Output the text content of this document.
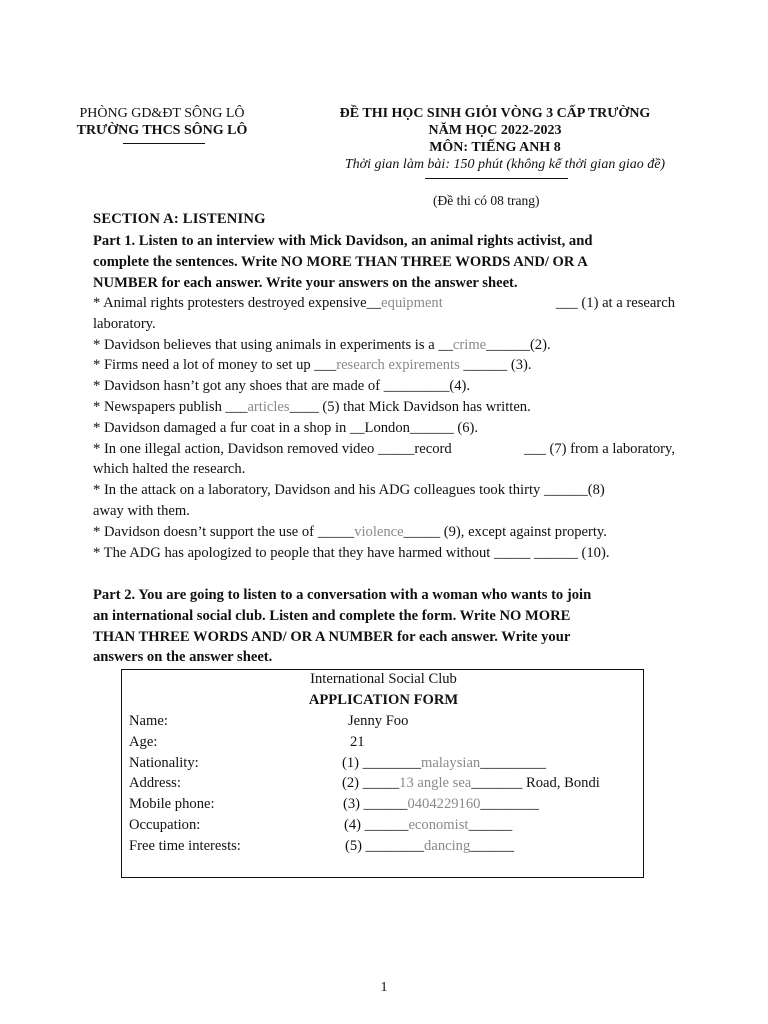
PHÒNG GD&ĐT SÔNG LÔ
TRƯỜNG THCS SÔNG LÔ
ĐỀ THI HỌC SINH GIỎI VÒNG 3 CẤP TRƯỜNG
NĂM HỌC 2022-2023
MÔN: TIẾNG ANH 8
Thời gian làm bài: 150 phút (không kể thời gian giao đề)
(Đề thi có 08 trang)
SECTION A: LISTENING
Part 1. Listen to an interview with Mick Davidson, an animal rights activist, and
complete the sentences. Write NO MORE THAN THREE WORDS AND/ OR A
NUMBER for each answer. Write your answers on the answer sheet.
* Animal rights protesters destroyed expensive__equipment	___ (1) at a research
laboratory.
* Davidson believes that using animals in experiments is a __crime______(2).
* Firms need a lot of money to set up ___research expirements ______ (3).
* Davidson hasn’t got any shoes that are made of _________(4).
* Newspapers publish ___articles____ (5) that Mick Davidson has written.
* Davidson damaged a fur coat in a shop in __London______ (6).
* In one illegal action, Davidson removed video _____record	___ (7) from a laboratory,
which halted the research.
* In the attack on a laboratory, Davidson and his ADG colleagues took thirty ______(8)
away with them.
* Davidson doesn’t support the use of _____violence_____ (9), except against property.
* The ADG has apologized to people that they have harmed without _____ ______ (10).
Part 2. You are going to listen to a conversation with a woman who wants to join
an international social club. Listen and complete the form. Write NO MORE
THAN THREE WORDS AND/ OR A NUMBER for each answer. Write your
answers on the answer sheet.
International Social Club
APPLICATION FORM
Name:	Jenny Foo
Age:	21
Nationality:	(1) ________malaysian_________
Address:	(2) _____13 angle sea_______ Road, Bondi
Mobile phone:	(3) ______0404229160________
Occupation:	(4) ______economist______
Free time interests:	(5) ________dancing______
1
